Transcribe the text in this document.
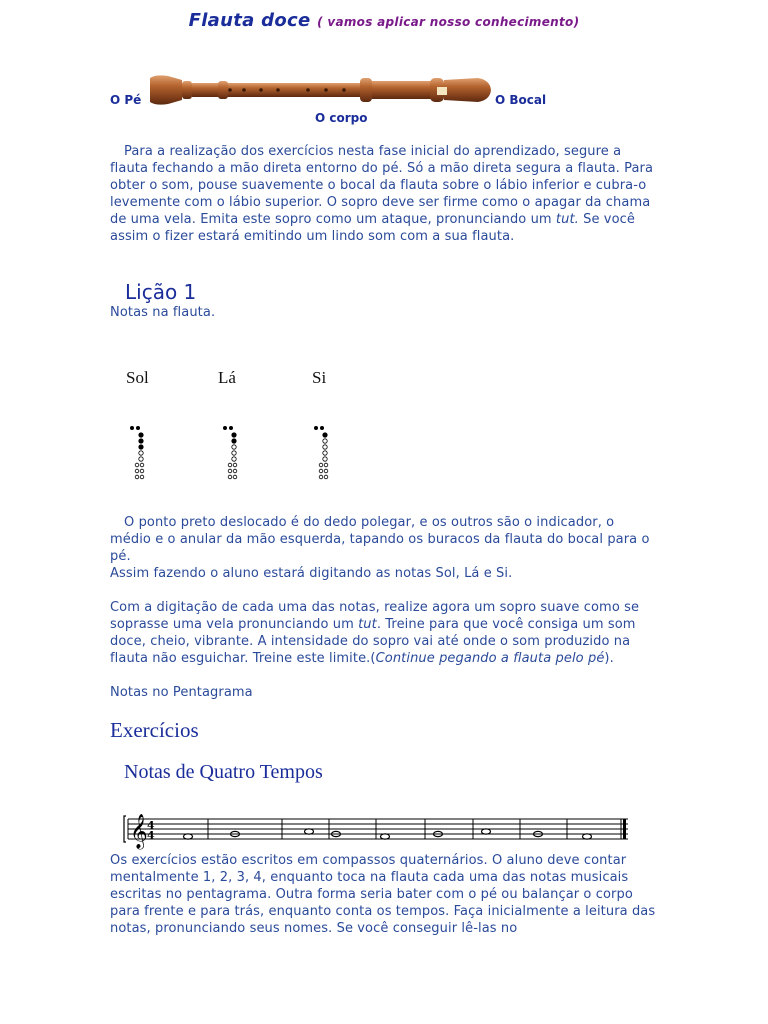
Flauta doce ( vamos aplicar nosso conhecimento)
O Pé	O Bocal
O corpo

Para a realização dos exercícios nesta fase inicial do aprendizado, segure a flauta fechando a mão direta entorno do pé. Só a mão direta segura a flauta. Para obter o som, pouse suavemente o bocal da flauta sobre o lábio inferior e cubra-o levemente com o lábio superior. O sopro deve ser firme como o apagar da chama de uma vela. Emita este sopro como um ataque, pronunciando um tut. Se você assim o fizer estará emitindo um lindo som com a sua flauta.

Lição 1
Notas na flauta.
Sol	Lá	Si

O ponto preto deslocado é do dedo polegar, e os outros são o indicador, o médio e o anular da mão esquerda, tapando os buracos da flauta do bocal para o pé.

Assim fazendo o aluno estará digitando as notas Sol, Lá e Si.

Com a digitação de cada uma das notas, realize agora um sopro suave como se soprasse uma vela pronunciando um tut. Treine para que você consiga um som doce, cheio, vibrante. A intensidade do sopro vai até onde o som produzido na flauta não esguichar. Treine este limite.(Continue pegando a flauta pelo pé).

Notas no Pentagrama
Exercícios
Notas de Quatro Tempos
𝄞 4
4
Os exercícios estão escritos em compassos quaternários. O aluno deve contar mentalmente 1, 2, 3, 4, enquanto toca na flauta cada uma das notas musicais escritas no pentagrama. Outra forma seria bater com o pé ou balançar o corpo para frente e para trás, enquanto conta os tempos. Faça inicialmente a leitura das notas, pronunciando seus nomes. Se você conseguir lê-las no
